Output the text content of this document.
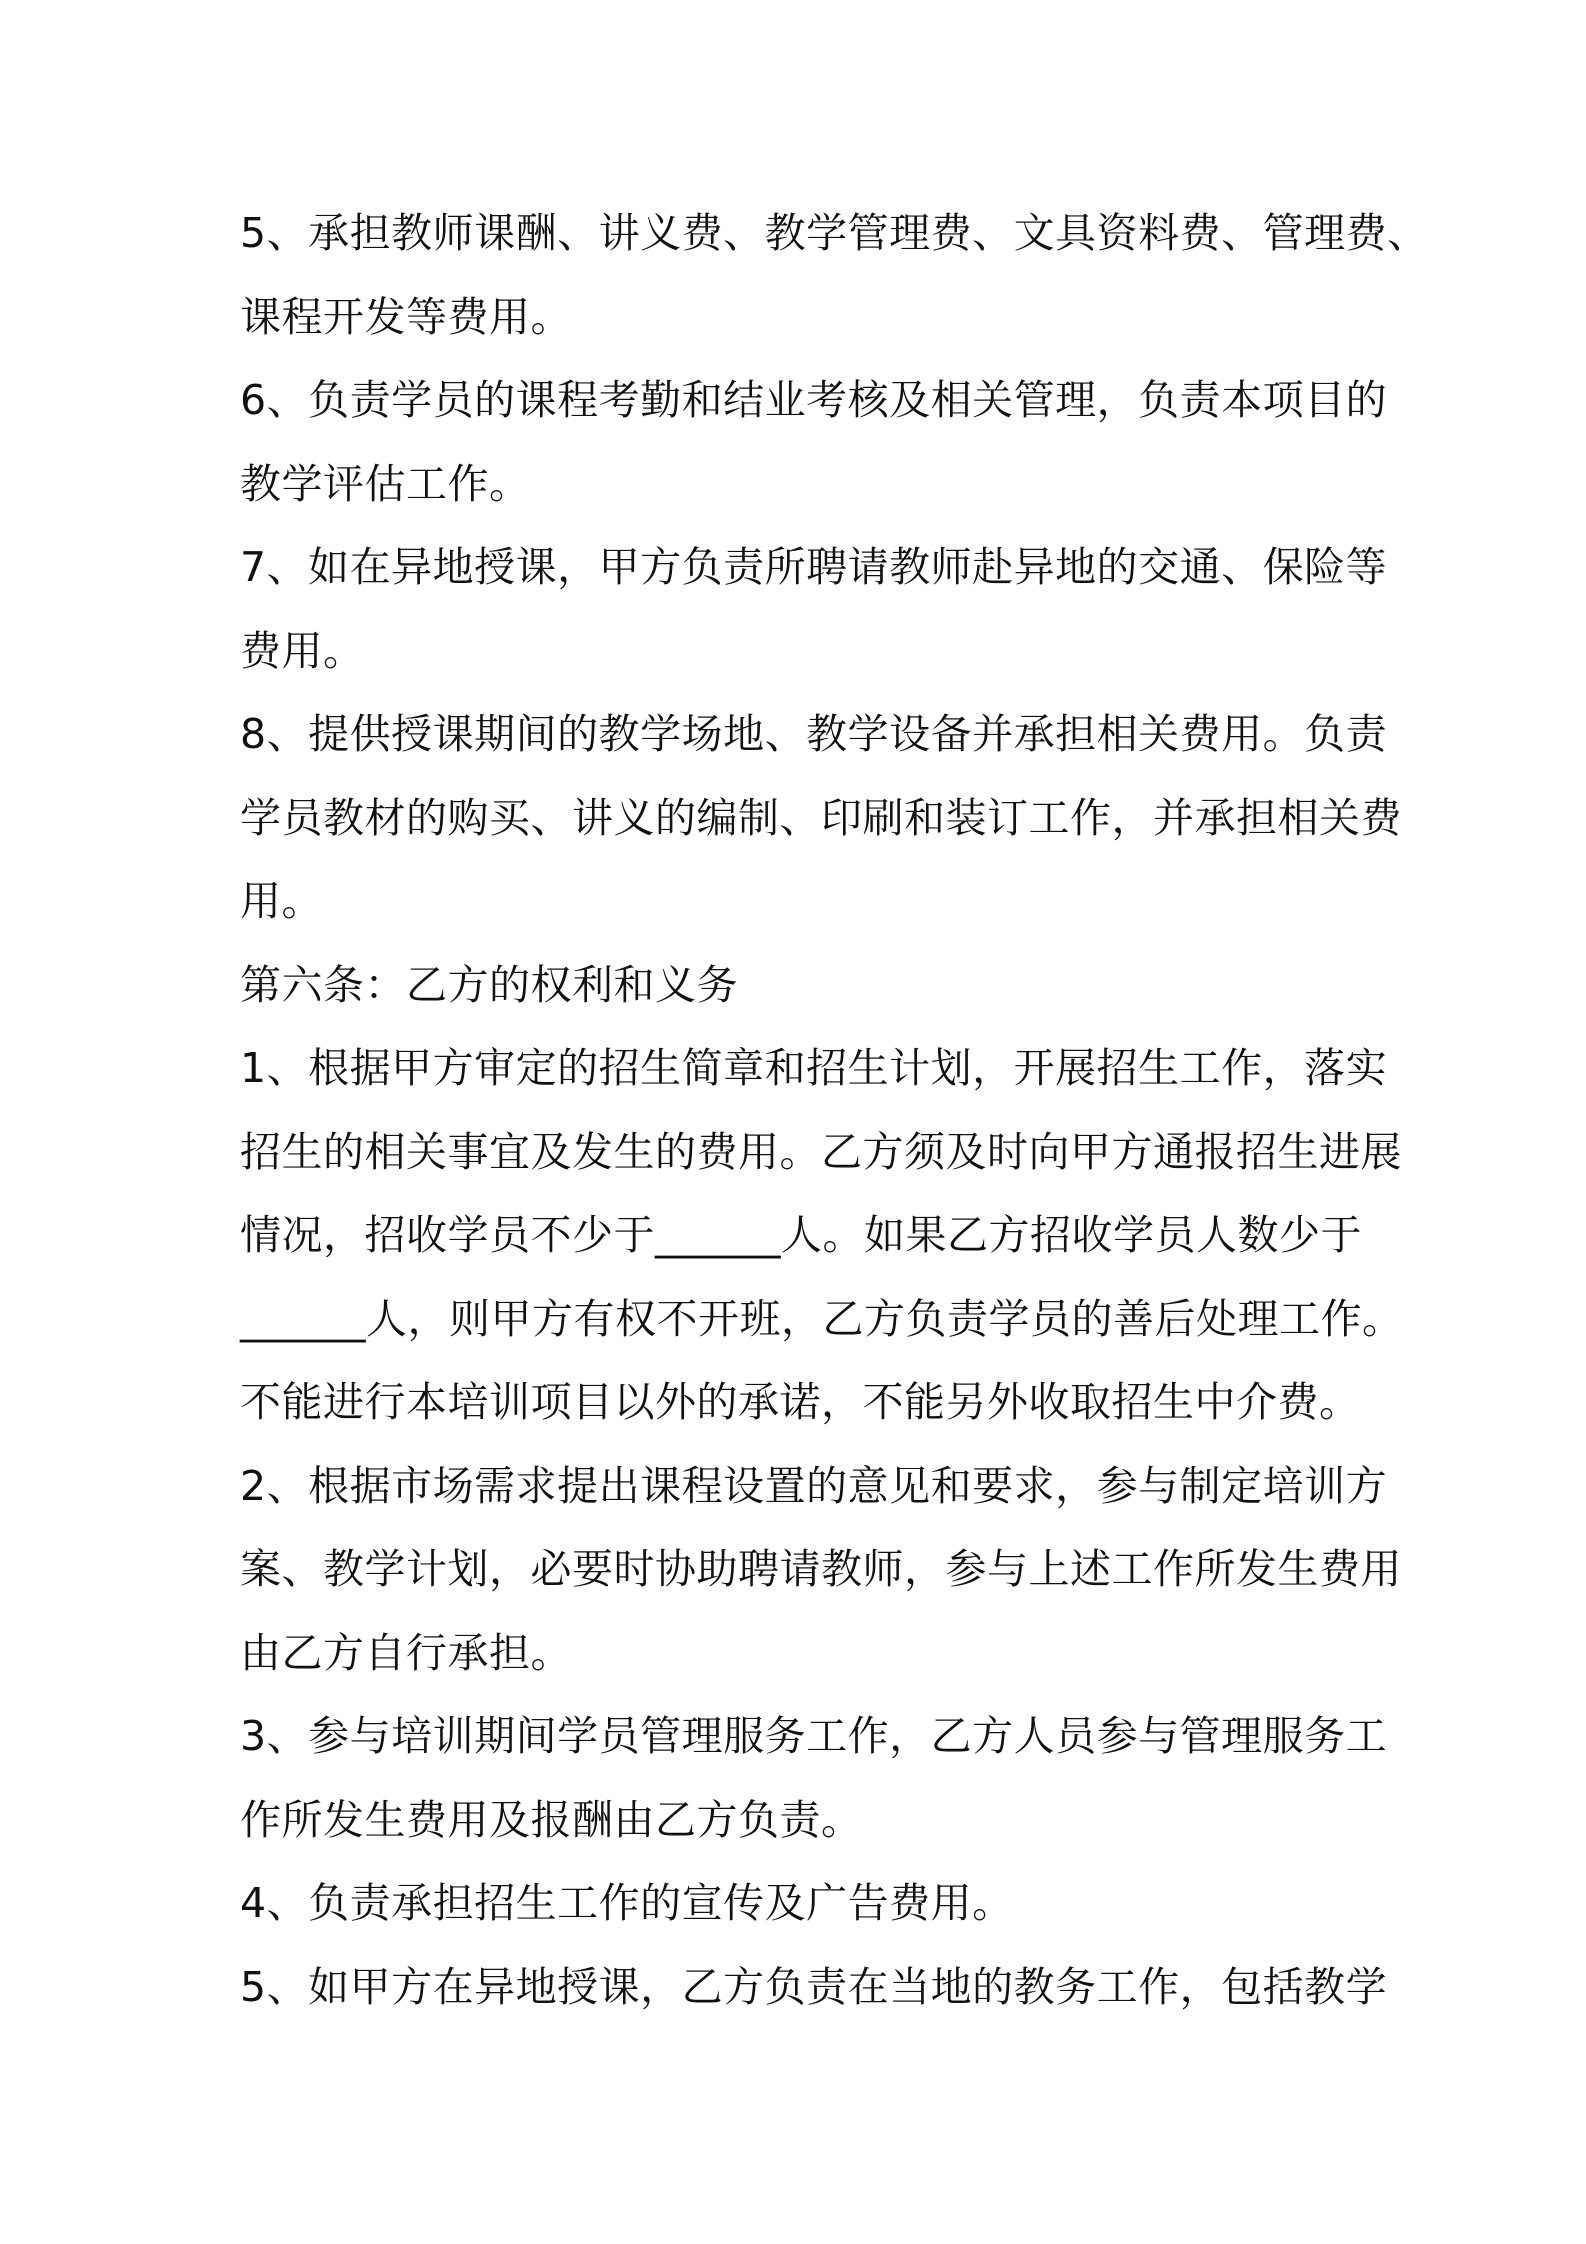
5、承担教师课酬、讲义费、教学管理费、文具资料费、管理费、
课程开发等费用。
6、负责学员的课程考勤和结业考核及相关管理，负责本项目的
教学评估工作。
7、如在异地授课，甲方负责所聘请教师赴异地的交通、保险等
费用。
8、提供授课期间的教学场地、教学设备并承担相关费用。负责
学员教材的购买、讲义的编制、印刷和装订工作，并承担相关费
用。
第六条：乙方的权利和义务
1、根据甲方审定的招生简章和招生计划，开展招生工作，落实
招生的相关事宜及发生的费用。乙方须及时向甲方通报招生进展
情况，招收学员不少于______人。如果乙方招收学员人数少于
______人，则甲方有权不开班，乙方负责学员的善后处理工作。
不能进行本培训项目以外的承诺，不能另外收取招生中介费。
2、根据市场需求提出课程设置的意见和要求，参与制定培训方
案、教学计划，必要时协助聘请教师，参与上述工作所发生费用
由乙方自行承担。
3、参与培训期间学员管理服务工作，乙方人员参与管理服务工
作所发生费用及报酬由乙方负责。
4、负责承担招生工作的宣传及广告费用。
5、如甲方在异地授课，乙方负责在当地的教务工作，包括教学
